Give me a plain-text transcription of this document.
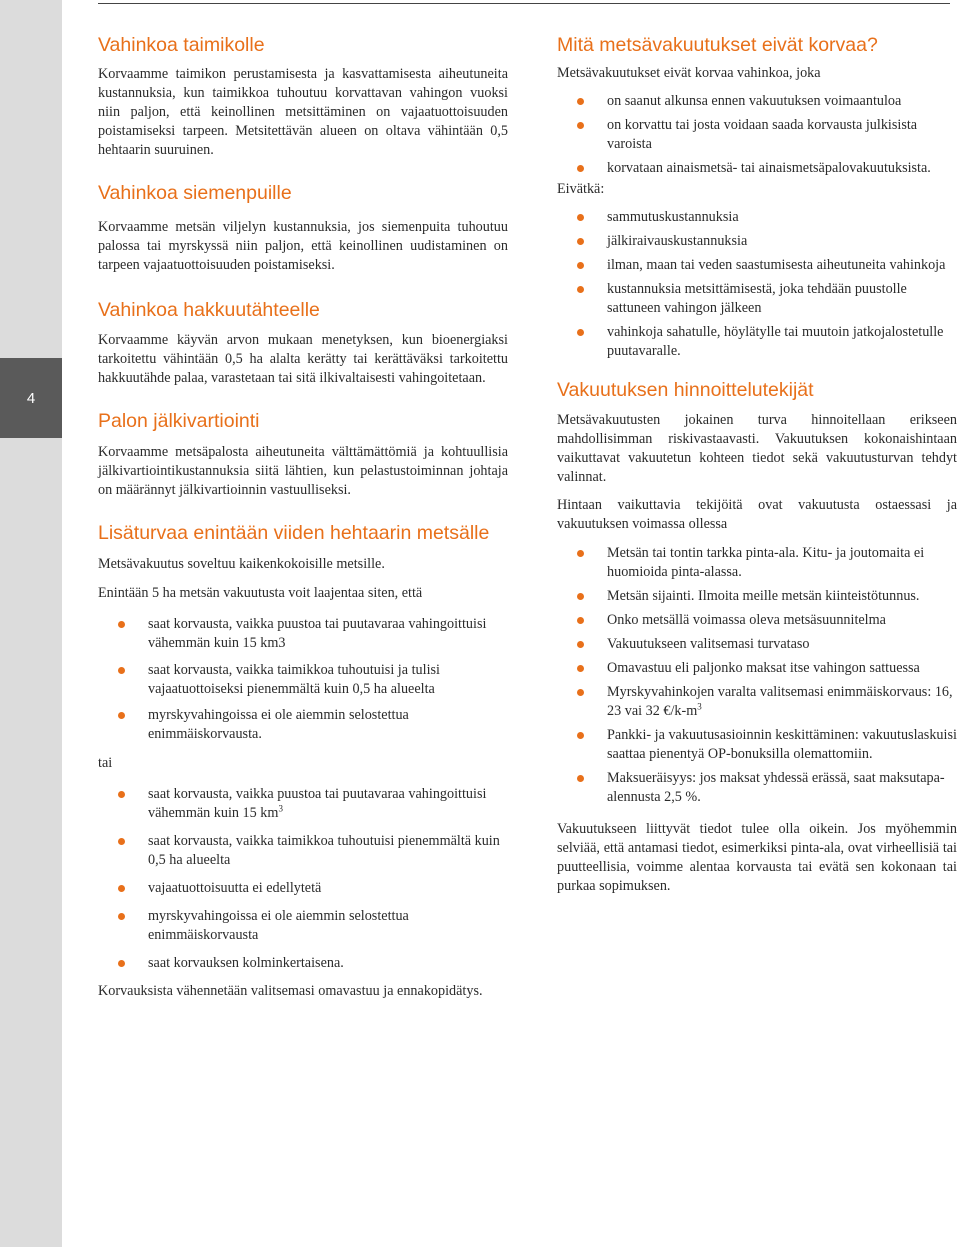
4
Vahinkoa taimikolle

Korvaamme taimikon perustamisesta ja kasvattamisesta aiheutuneita kustannuksia, kun taimikkoa tuhoutuu korvattavan vahingon vuoksi niin paljon, että keinollinen metsittäminen on vajaatuottoisuuden poistamiseksi tarpeen. Metsitettävän alueen on oltava vähintään 0,5 hehtaarin suuruinen.

Vahinkoa siemenpuille

Korvaamme metsän viljelyn kustannuksia, jos siemenpuita tuhoutuu palossa tai myrskyssä niin paljon, että keinollinen uudistaminen on tarpeen vajaatuottoisuuden poistamiseksi.

Vahinkoa hakkuutähteelle

Korvaamme käyvän arvon mukaan menetyksen, kun bioenergiaksi tarkoitettu vähintään 0,5 ha alalta kerätty tai kerättäväksi tarkoitettu hakkuutähde palaa, varastetaan tai sitä ilkivaltaisesti vahingoitetaan.

Palon jälkivartiointi

Korvaamme metsäpalosta aiheutuneita välttämättömiä ja kohtuullisia jälkivartiointikustannuksia siitä lähtien, kun pelastustoiminnan johtaja on määrännyt jälkivartioinnin vastuulliseksi.

Lisäturvaa enintään viiden hehtaarin metsälle

Metsävakuutus soveltuu kaikenkokoisille metsille.

Enintään 5 ha metsän vakuutusta voit laajentaa siten, että

saat korvausta, vaikka puustoa tai puutavaraa vahingoittuisi vähemmän kuin 15 km3
saat korvausta, vaikka taimikkoa tuhoutuisi ja tulisi vajaatuottoiseksi pienemmältä kuin 0,5 ha alueelta
myrskyvahingoissa ei ole aiemmin selostettua enimmäiskorvausta.

tai

saat korvausta, vaikka puustoa tai puutavaraa vahingoittuisi vähemmän kuin 15 $km^3$
saat korvausta, vaikka taimikkoa tuhoutuisi pienemmältä kuin 0,5 ha alueelta
vajaatuottoisuutta ei edellytetä
myrskyvahingoissa ei ole aiemmin selostettua enimmäiskorvausta
saat korvauksen kolminkertaisena.

Korvauksista vähennetään valitsemasi omavastuu ja ennakopidätys.

Mitä metsävakuutukset eivät korvaa?

Metsävakuutukset eivät korvaa vahinkoa, joka

on saanut alkunsa ennen vakuutuksen voimaantuloa
on korvattu tai josta voidaan saada korvausta julkisista varoista
korvataan ainaismetsä- tai ainaismetsäpalovakuutuksista.

Eivätkä:

sammutuskustannuksia
jälkiraivauskustannuksia
ilman, maan tai veden saastumisesta aiheutuneita vahinkoja
kustannuksia metsittämisestä, joka tehdään puustolle sattuneen vahingon jälkeen
vahinkoja sahatulle, höylätylle tai muutoin jatkojalostetulle puutavaralle.
Vakuutuksen hinnoittelutekijät

Metsävakuutusten jokainen turva hinnoitellaan erikseen mahdollisimman riskivastaavasti. Vakuutuksen kokonaishintaan vaikuttavat vakuutetun kohteen tiedot sekä vakuutusturvan tehdyt valinnat.

Hintaan vaikuttavia tekijöitä ovat vakuutusta ostaessasi ja vakuutuksen voimassa ollessa

Metsän tai tontin tarkka pinta-ala. Kitu- ja joutomaita ei huomioida pinta-alassa.
Metsän sijainti. Ilmoita meille metsän kiinteistötunnus.
Onko metsällä voimassa oleva metsäsuunnitelma
Vakuutukseen valitsemasi turvataso
Omavastuu eli paljonko maksat itse vahingon sattuessa
Myrskyvahinkojen varalta valitsemasi enimmäiskorvaus: 16, 23 vai 32 $€/k-m^3$
Pankki- ja vakuutusasioinnin keskittäminen: vakuutuslaskuisi saattaa pienentyä OP-bonuksilla olemattomiin.
Maksueräisyys: jos maksat yhdessä erässä, saat maksutapa-alennusta 2,5 %.

Vakuutukseen liittyvät tiedot tulee olla oikein. Jos myöhemmin selviää, että antamasi tiedot, esimerkiksi pinta-ala, ovat virheellisiä tai puutteellisia, voimme alentaa korvausta tai evätä sen kokonaan tai purkaa sopimuksen.
